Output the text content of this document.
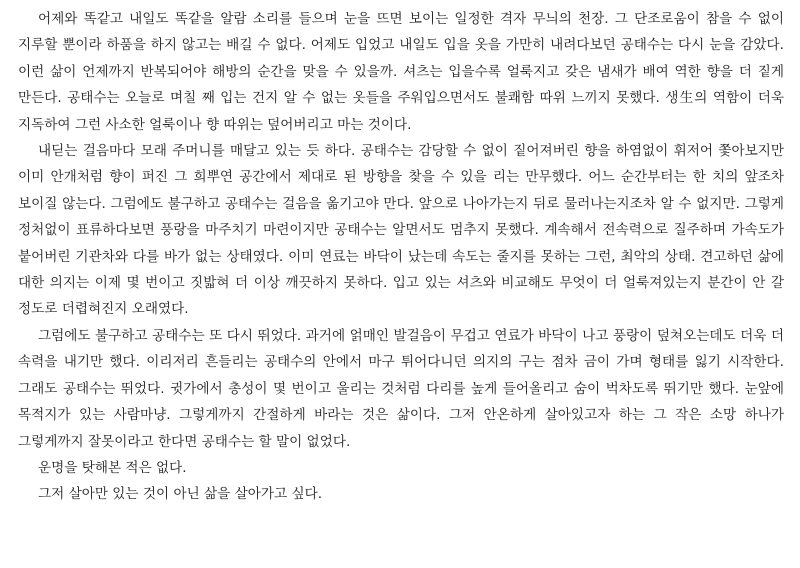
어제와 똑같고 내일도 똑같을 알람 소리를 들으며 눈을 뜨면 보이는 일정한 격자 무늬의 천장. 그 단조로움이 참을 수 없이 지루할 뿐이라 하품을 하지 않고는 배길 수 없다. 어제도 입었고 내일도 입을 옷을 가만히 내려다보던 공태수는 다시 눈을 감았다. 이런 삶이 언제까지 반복되어야 해방의 순간을 맞을 수 있을까. 셔츠는 입을수록 얼룩지고 갖은 냄새가 배여 역한 향을 더 짙게 만든다. 공태수는 오늘로 며칠 째 입는 건지 알 수 없는 옷들을 주워입으면서도 불쾌함 따위 느끼지 못했다. 생生의 역함이 더욱 지독하여 그런 사소한 얼룩이나 향 따위는 덮어버리고 마는 것이다.

내딛는 걸음마다 모래 주머니를 매달고 있는 듯 하다. 공태수는 감당할 수 없이 짙어져버린 향을 하염없이 휘저어 쫓아보지만 이미 안개처럼 향이 퍼진 그 희뿌연 공간에서 제대로 된 방향을 찾을 수 있을 리는 만무했다. 어느 순간부터는 한 치의 앞조차 보이질 않는다. 그럼에도 불구하고 공태수는 걸음을 옮기고야 만다. 앞으로 나아가는지 뒤로 물러나는지조차 알 수 없지만. 그렇게 정처없이 표류하다보면 풍랑을 마주치기 마련이지만 공태수는 알면서도 멈추지 못했다. 계속해서 전속력으로 질주하며 가속도가 붙어버린 기관차와 다를 바가 없는 상태였다. 이미 연료는 바닥이 났는데 속도는 줄지를 못하는 그런, 최악의 상태. 견고하던 삶에 대한 의지는 이제 몇 번이고 짓밟혀 더 이상 깨끗하지 못하다. 입고 있는 셔츠와 비교해도 무엇이 더 얼룩져있는지 분간이 안 갈 정도로 더렵혀진지 오래였다.

그럼에도 불구하고 공태수는 또 다시 뛰었다. 과거에 얽매인 발걸음이 무겁고 연료가 바닥이 나고 풍랑이 덮쳐오는데도 더욱 더 속력을 내기만 했다. 이리저리 흔들리는 공태수의 안에서 마구 튀어다니던 의지의 구는 점차 금이 가며 형태를 잃기 시작한다. 그래도 공태수는 뛰었다. 귓가에서 총성이 몇 번이고 울리는 것처럼 다리를 높게 들어올리고 숨이 벅차도록 뛰기만 했다. 눈앞에 목적지가 있는 사람마냥. 그렇게까지 간절하게 바라는 것은 삶이다. 그저 안온하게 살아있고자 하는 그 작은 소망 하나가 그렇게까지 잘못이라고 한다면 공태수는 할 말이 없었다.

운명을 탓해본 적은 없다.

그저 살아만 있는 것이 아닌 삶을 살아가고 싶다.
